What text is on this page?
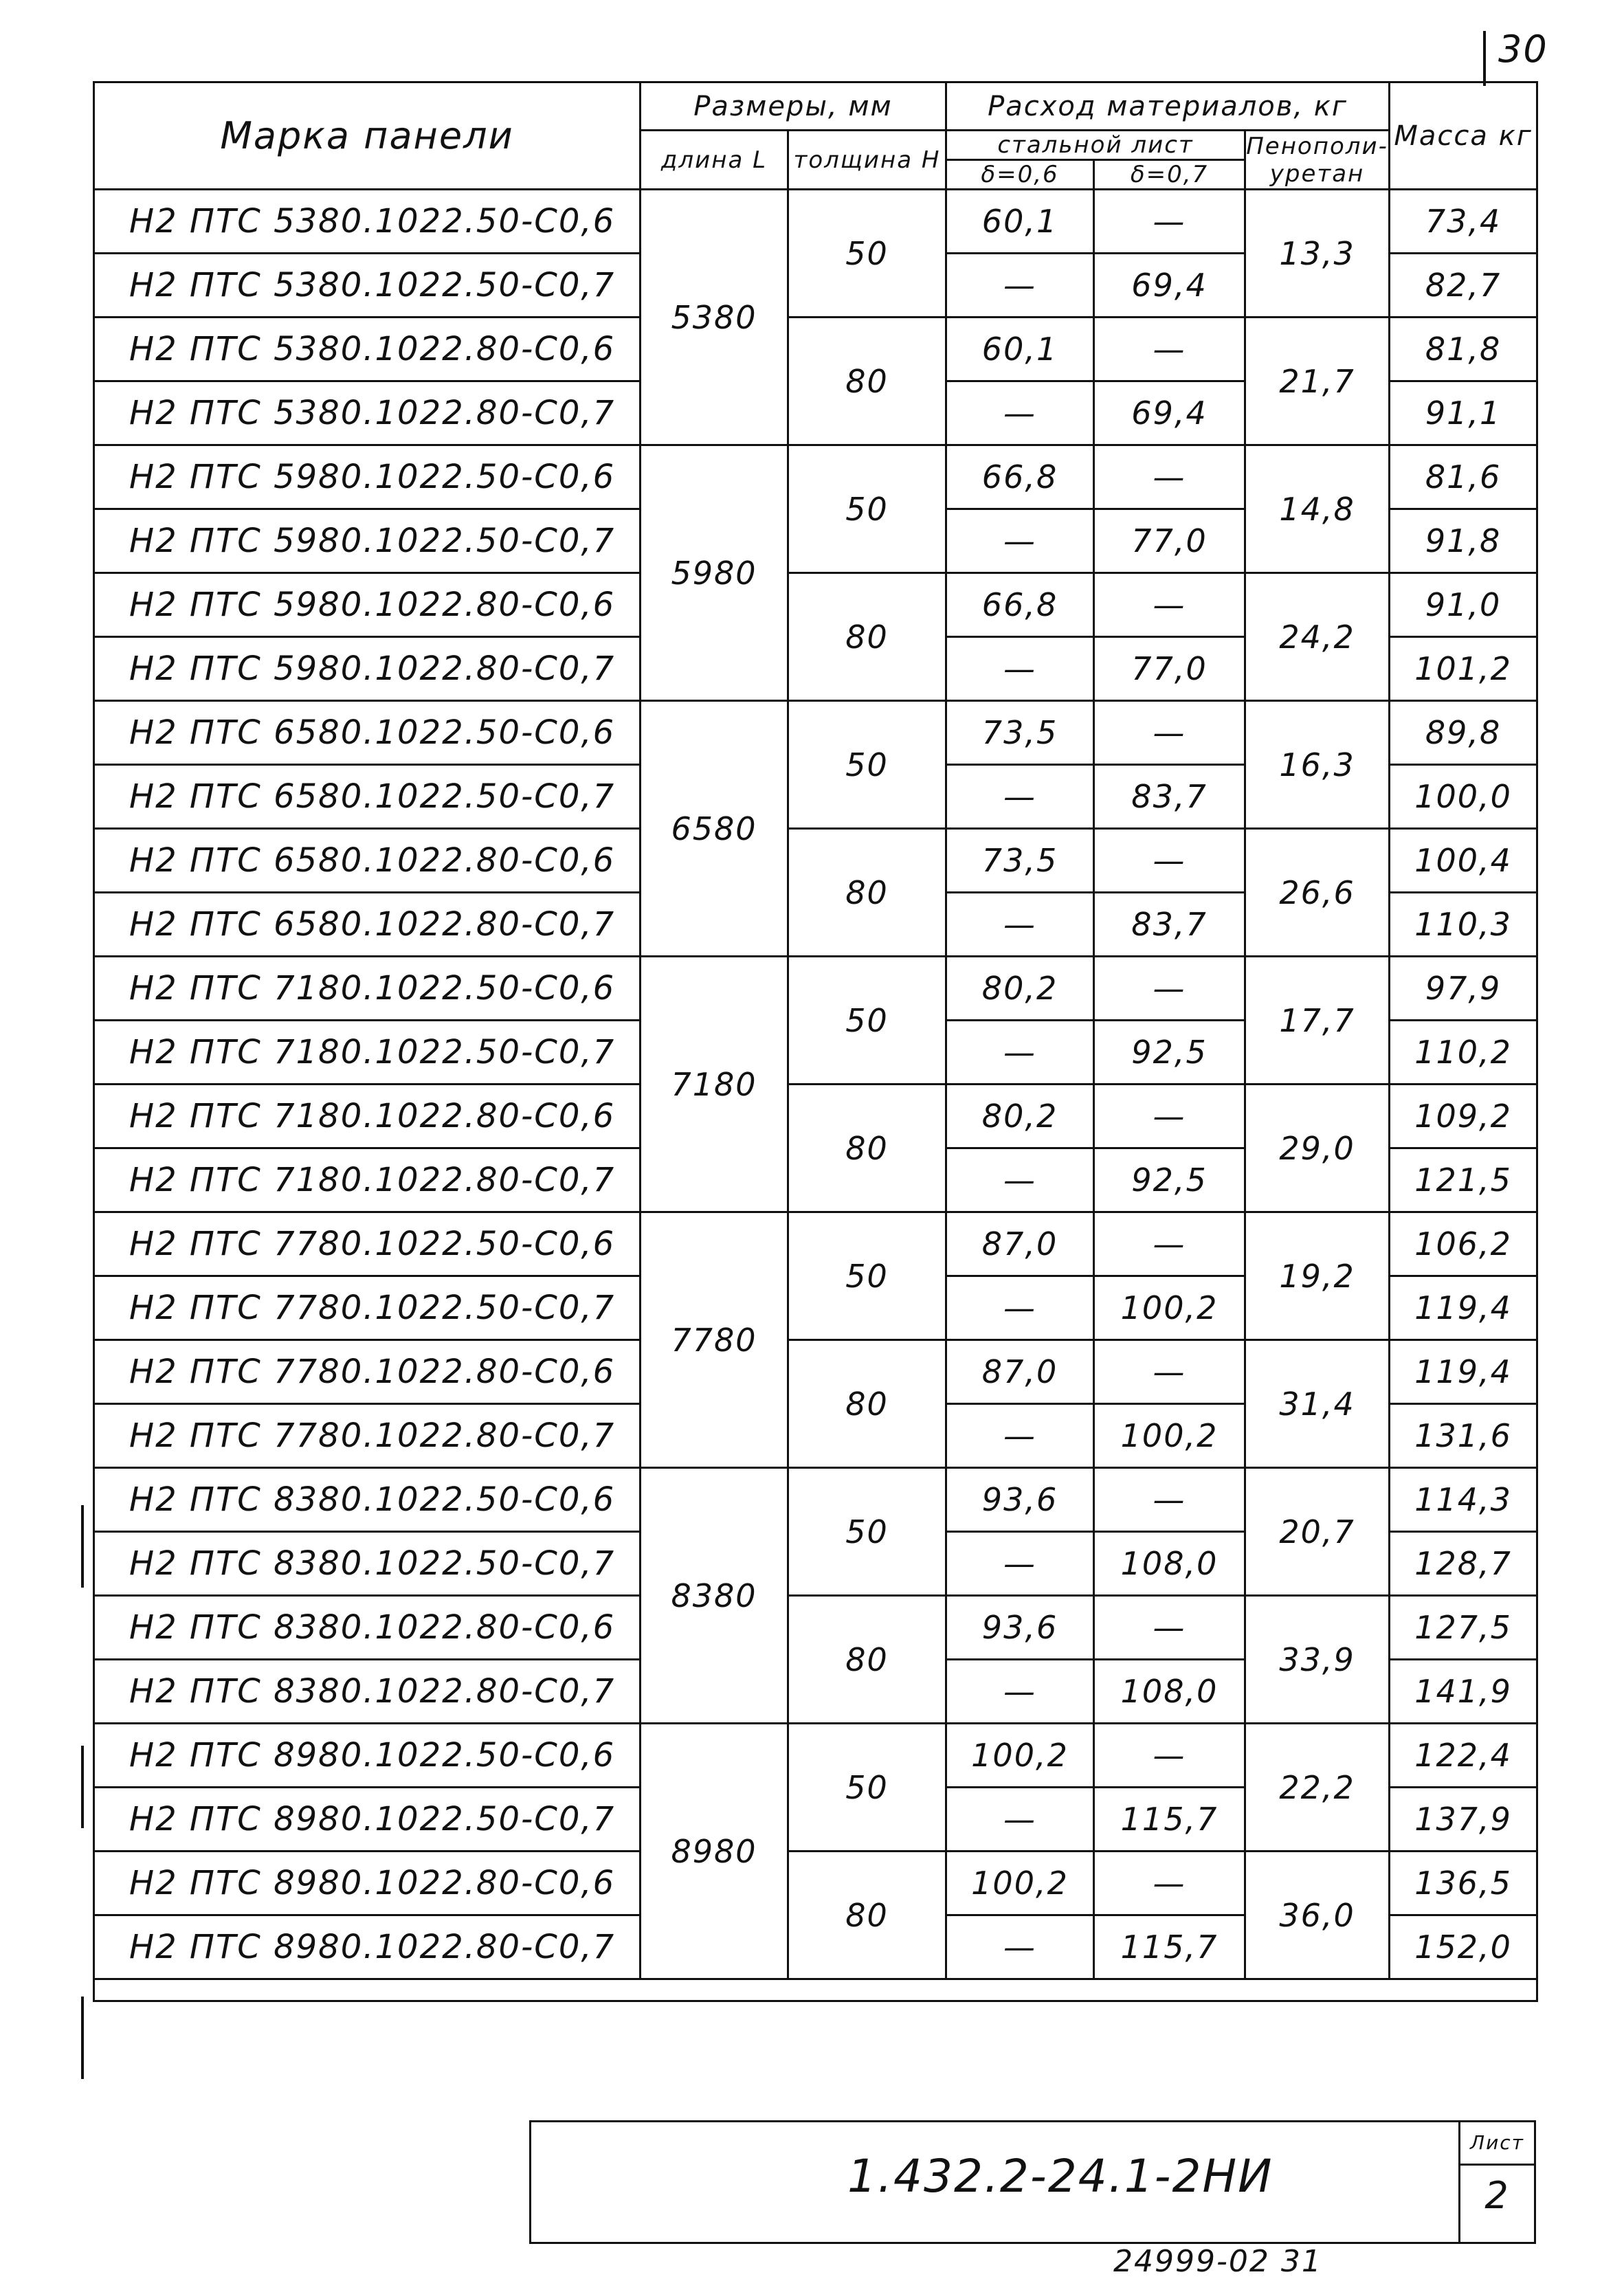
30
Марка панели	Размеры, мм		Расход материалов, кг			Масса кг
	длина L	толщина H	стальной лист		Пенополи- уретан	
			δ=0,6	δ=0,7		
Н2 ПТС 5380.1022.50-С0,6	5380	50	60,1	—	13,3	73,4
Н2 ПТС 5380.1022.50-С0,7			—	69,4		82,7
Н2 ПТС 5380.1022.80-С0,6		80	60,1	—	21,7	81,8
Н2 ПТС 5380.1022.80-С0,7			—	69,4		91,1
Н2 ПТС 5980.1022.50-С0,6	5980	50	66,8	—	14,8	81,6
Н2 ПТС 5980.1022.50-С0,7			—	77,0		91,8
Н2 ПТС 5980.1022.80-С0,6		80	66,8	—	24,2	91,0
Н2 ПТС 5980.1022.80-С0,7			—	77,0		101,2
Н2 ПТС 6580.1022.50-С0,6	6580	50	73,5	—	16,3	89,8
Н2 ПТС 6580.1022.50-С0,7			—	83,7		100,0
Н2 ПТС 6580.1022.80-С0,6		80	73,5	—	26,6	100,4
Н2 ПТС 6580.1022.80-С0,7			—	83,7		110,3
Н2 ПТС 7180.1022.50-С0,6	7180	50	80,2	—	17,7	97,9
Н2 ПТС 7180.1022.50-С0,7			—	92,5		110,2
Н2 ПТС 7180.1022.80-С0,6		80	80,2	—	29,0	109,2
Н2 ПТС 7180.1022.80-С0,7			—	92,5		121,5
Н2 ПТС 7780.1022.50-С0,6	7780	50	87,0	—	19,2	106,2
Н2 ПТС 7780.1022.50-С0,7			—	100,2		119,4
Н2 ПТС 7780.1022.80-С0,6		80	87,0	—	31,4	119,4
Н2 ПТС 7780.1022.80-С0,7			—	100,2		131,6
Н2 ПТС 8380.1022.50-С0,6	8380	50	93,6	—	20,7	114,3
Н2 ПТС 8380.1022.50-С0,7			—	108,0		128,7
Н2 ПТС 8380.1022.80-С0,6		80	93,6	—	33,9	127,5
Н2 ПТС 8380.1022.80-С0,7			—	108,0		141,9
Н2 ПТС 8980.1022.50-С0,6	8980	50	100,2	—	22,2	122,4
Н2 ПТС 8980.1022.50-С0,7			—	115,7		137,9
Н2 ПТС 8980.1022.80-С0,6		80	100,2	—	36,0	136,5
Н2 ПТС 8980.1022.80-С0,7			—	115,7		152,0

1.432.2-24.1-2НИ
Лист
2
24999-02 31
